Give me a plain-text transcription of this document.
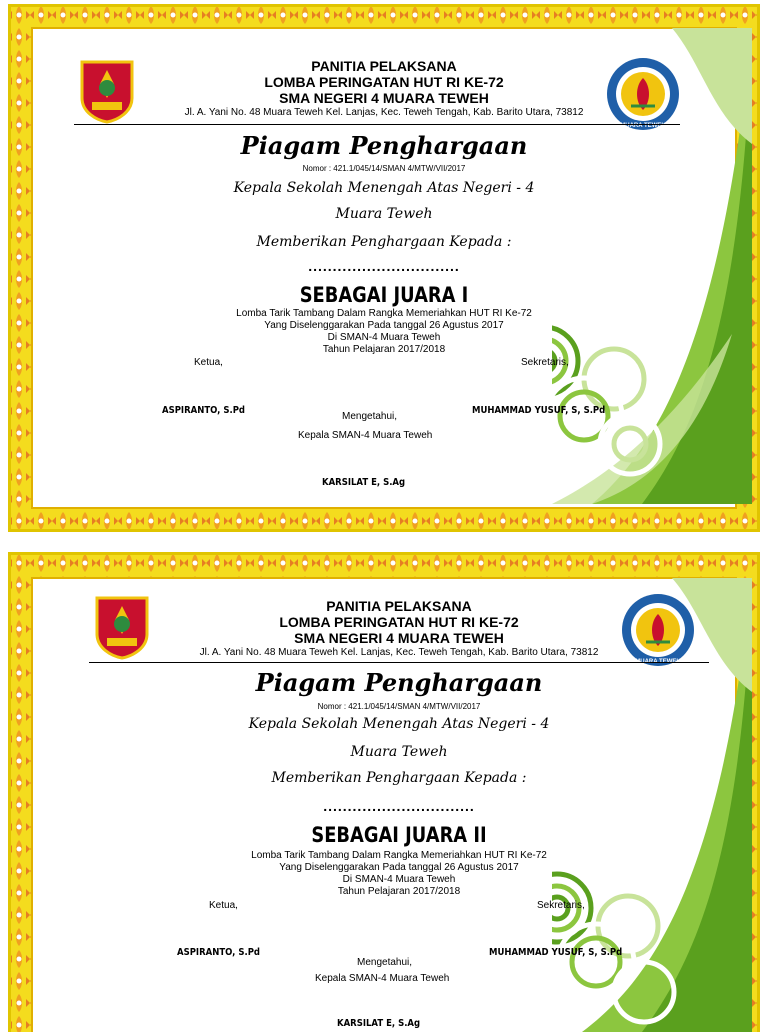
MUARA TEWEH
PANITIA PELAKSANA
LOMBA PERINGATAN HUT RI KE-72
SMA NEGERI 4 MUARA TEWEH
Jl. A. Yani No. 48 Muara Teweh Kel. Lanjas, Kec. Teweh Tengah, Kab. Barito Utara, 73812
Piagam Penghargaan
Nomor : 421.1/045/14/SMAN 4/MTW/VII/2017
Kepala Sekolah Menengah Atas Negeri - 4
Muara Teweh
Memberikan Penghargaan Kepada :
...............................
SEBAGAI JUARA I
Lomba Tarik Tambang Dalam Rangka Memeriahkan HUT RI Ke-72
Yang Diselenggarakan Pada tanggal 26 Agustus 2017
Di SMAN-4 Muara Teweh
Tahun Pelajaran 2017/2018
Ketua,	Sekretaris,
ASPIRANTO, S.Pd	MUHAMMAD YUSUF, S, S.Pd
Mengetahui,
Kepala SMAN-4 Muara Teweh
KARSILAT E, S.Ag
MUARA TEWEH
PANITIA PELAKSANA
LOMBA PERINGATAN HUT RI KE-72
SMA NEGERI 4 MUARA TEWEH
Jl. A. Yani No. 48 Muara Teweh Kel. Lanjas, Kec. Teweh Tengah, Kab. Barito Utara, 73812
Piagam Penghargaan
Nomor : 421.1/045/14/SMAN 4/MTW/VII/2017
Kepala Sekolah Menengah Atas Negeri - 4
Muara Teweh
Memberikan Penghargaan Kepada :
...............................
SEBAGAI JUARA II
Lomba Tarik Tambang Dalam Rangka Memeriahkan HUT RI Ke-72
Yang Diselenggarakan Pada tanggal 26 Agustus 2017
Di SMAN-4 Muara Teweh
Tahun Pelajaran 2017/2018
Ketua,	Sekretaris,
ASPIRANTO, S.Pd	MUHAMMAD YUSUF, S, S.Pd
Mengetahui,
Kepala SMAN-4 Muara Teweh
KARSILAT E, S.Ag
